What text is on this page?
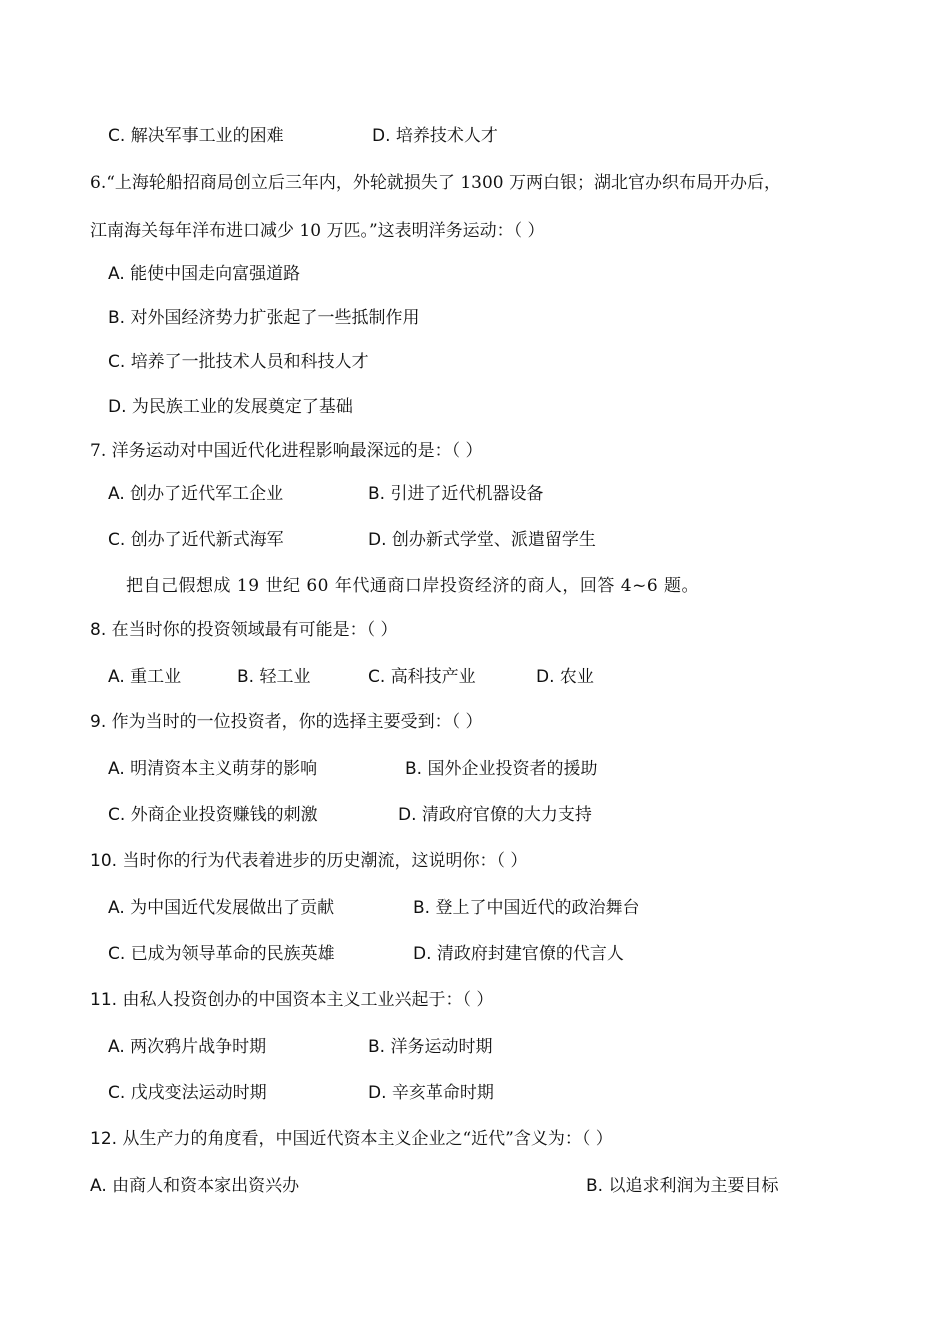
C. 解决军事工业的困难	D. 培养技术人才
6.“上海轮船招商局创立后三年内，外轮就损失了 1300 万两白银；湖北官办织布局开办后，
江南海关每年洋布进口减少 10 万匹。”这表明洋务运动：（ ）
A. 能使中国走向富强道路
B. 对外国经济势力扩张起了一些抵制作用
C. 培养了一批技术人员和科技人才
D. 为民族工业的发展奠定了基础
7. 洋务运动对中国近代化进程影响最深远的是：（ ）
A. 创办了近代军工企业	B. 引进了近代机器设备
C. 创办了近代新式海军	D. 创办新式学堂、派遣留学生
把自己假想成 19 世纪 60 年代通商口岸投资经济的商人，回答 4~6 题。
8. 在当时你的投资领域最有可能是：（ ）
A. 重工业	B. 轻工业	C. 高科技产业	D. 农业
9. 作为当时的一位投资者，你的选择主要受到：（ ）
A. 明清资本主义萌芽的影响	B. 国外企业投资者的援助
C. 外商企业投资赚钱的刺激	D. 清政府官僚的大力支持
10. 当时你的行为代表着进步的历史潮流，这说明你：（ ）
A. 为中国近代发展做出了贡献	B. 登上了中国近代的政治舞台
C. 已成为领导革命的民族英雄	D. 清政府封建官僚的代言人
11. 由私人投资创办的中国资本主义工业兴起于：（ ）
A. 两次鸦片战争时期	B. 洋务运动时期
C. 戊戌变法运动时期	D. 辛亥革命时期
12. 从生产力的角度看，中国近代资本主义企业之“近代”含义为：（ ）
A. 由商人和资本家出资兴办	B. 以追求利润为主要目标
